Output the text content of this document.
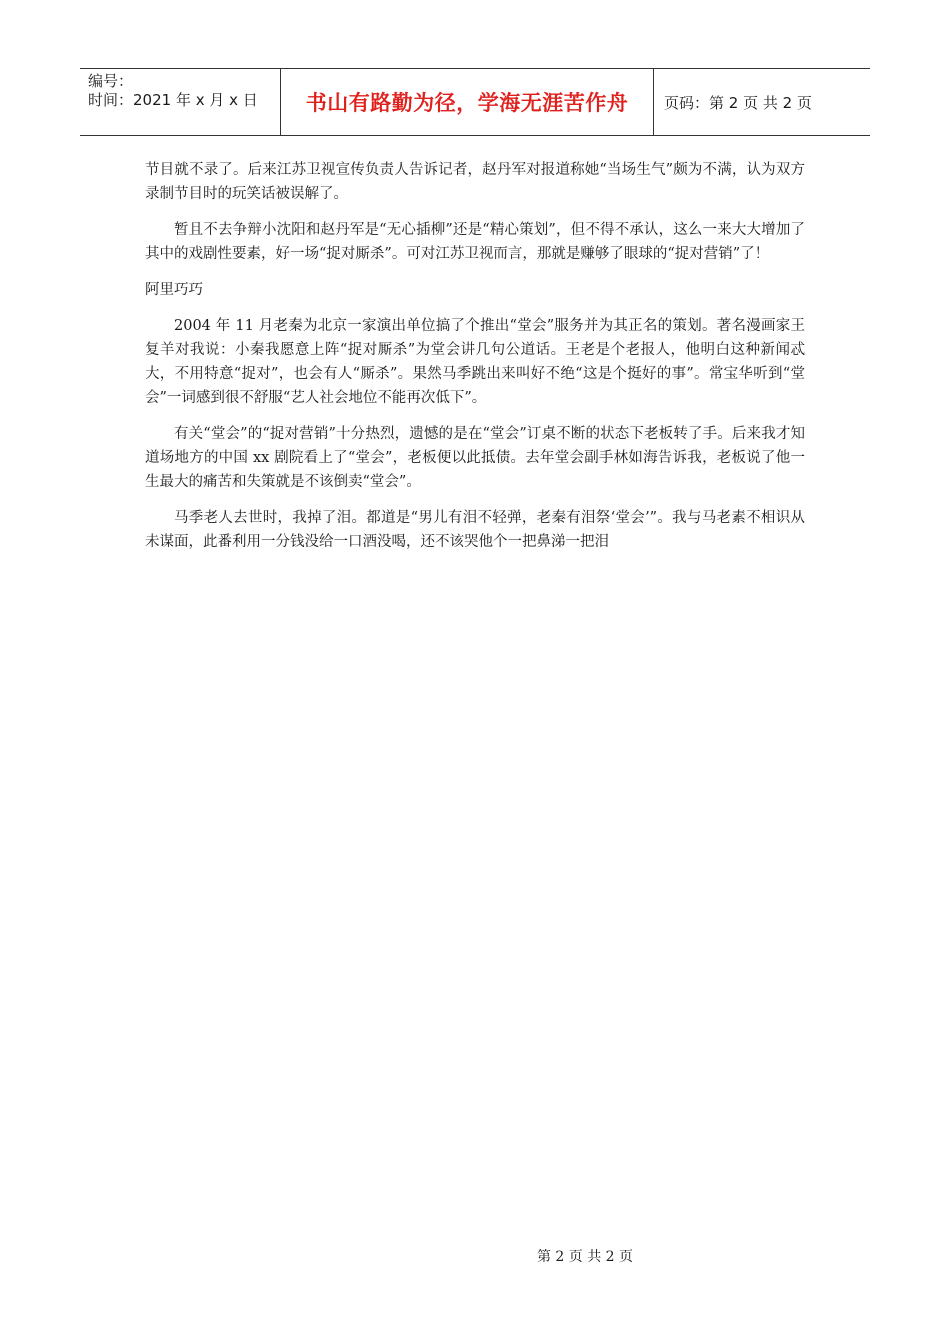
编号：
时间：2021 年 x 月 x 日	书山有路勤为径，学海无涯苦作舟	页码：第 2 页 共 2 页

节目就不录了。后来江苏卫视宣传负责人告诉记者，赵丹军对报道称她“当场生气”颇为不满，认为双方录制节目时的玩笑话被误解了。

暂且不去争辩小沈阳和赵丹军是“无心插柳”还是“精心策划”，但不得不承认，这么一来大大增加了其中的戏剧性要素，好一场“捉对厮杀”。可对江苏卫视而言，那就是赚够了眼球的“捉对营销”了！

阿里巧巧

2004 年 11 月老秦为北京一家演出单位搞了个推出“堂会”服务并为其正名的策划。著名漫画家王复羊对我说：小秦我愿意上阵“捉对厮杀”为堂会讲几句公道话。王老是个老报人，他明白这种新闻忒大，不用特意“捉对”，也会有人“厮杀”。果然马季跳出来叫好不绝“这是个挺好的事”。常宝华听到“堂会”一词感到很不舒服“艺人社会地位不能再次低下”。

有关“堂会”的“捉对营销”十分热烈，遗憾的是在“堂会”订桌不断的状态下老板转了手。后来我才知道场地方的中国 xx 剧院看上了“堂会”，老板便以此抵债。去年堂会副手林如海告诉我，老板说了他一生最大的痛苦和失策就是不该倒卖“堂会”。

马季老人去世时，我掉了泪。都道是“男儿有泪不轻弹，老秦有泪祭‘堂会’”。我与马老素不相识从未谋面，此番利用一分钱没给一口酒没喝，还不该哭他个一把鼻涕一把泪

第 2 页 共 2 页
